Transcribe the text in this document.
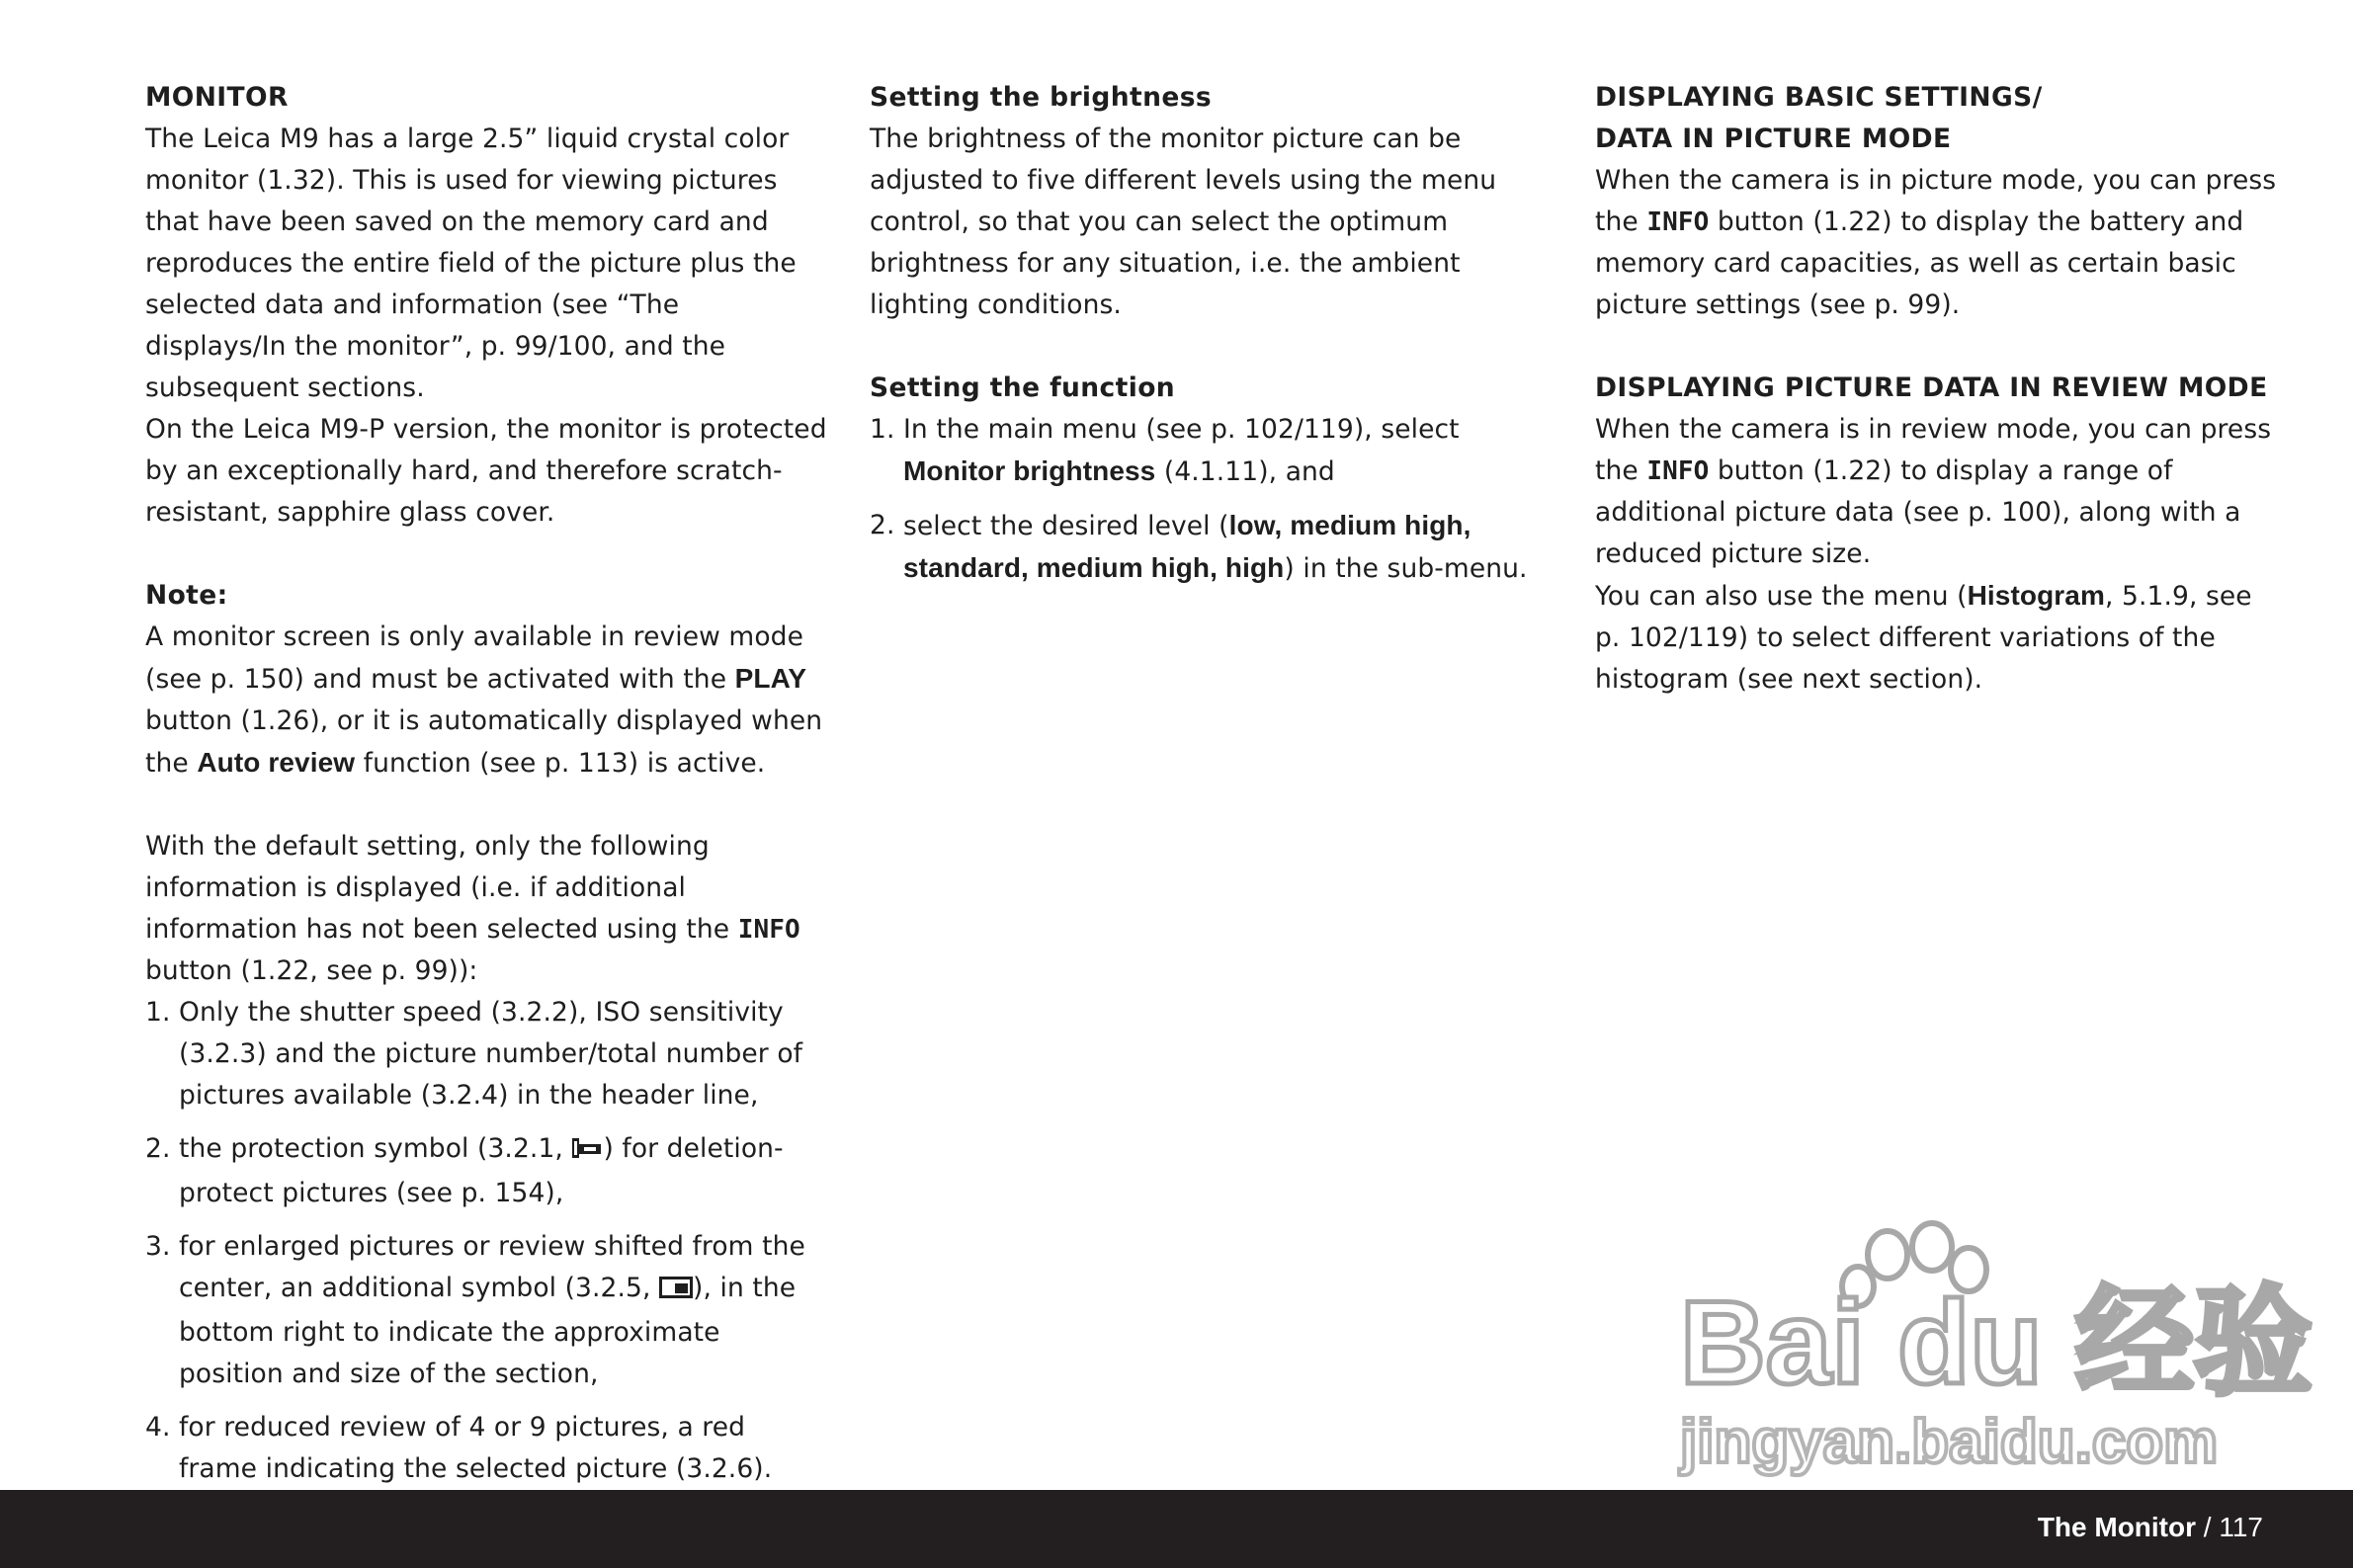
MONITOR

The Leica M9 has a large 2.5” liquid crystal color monitor (1.32). This is used for viewing pictures that have been saved on the memory card and reproduces the entire field of the picture plus the selected data and information (see “The displays/In the monitor”, p. 99/100, and the subsequent sections.

On the Leica M9-P version, the monitor is protected by an exceptionally hard, and therefore scratch-resistant, sapphire glass cover.

Note:

A monitor screen is only available in review mode (see p. 150) and must be activated with the PLAY button (1.26), or it is automatically displayed when the Auto review function (see p. 113) is active.

With the default setting, only the following information is displayed (i.e. if additional information has not been selected using the INFO button (1.22, see p. 99)):

1. Only the shutter speed (3.2.2), ISO sensitivity (3.2.3) and the picture number/total number of pictures available (3.2.4) in the header line,
2. the protection symbol (3.2.1, ) for deletion-protect pictures (see p. 154),
3. for enlarged pictures or review shifted from the center, an additional symbol (3.2.5, ), in the bottom right to indicate the approximate position and size of the section,
4. for reduced review of 4 or 9 pictures, a red frame indicating the selected picture (3.2.6).

Setting the brightness

The brightness of the monitor picture can be adjusted to five different levels using the menu control, so that you can select the optimum brightness for any situation, i.e. the ambient lighting conditions.

Setting the function

1. In the main menu (see p. 102/119), select Monitor brightness (4.1.11), and
2. select the desired level (low, medium high, standard, medium high, high) in the sub-menu.

DISPLAYING BASIC SETTINGS/

DATA IN PICTURE MODE

When the camera is in picture mode, you can press the INFO button (1.22) to display the battery and memory card capacities, as well as certain basic picture settings (see p. 99).

DISPLAYING PICTURE DATA IN REVIEW MODE

When the camera is in review mode, you can press the INFO button (1.22) to display a range of additional picture data (see p. 100), along with a reduced picture size.

You can also use the menu (Histogram, 5.1.9, see p. 102/119) to select different variations of the histogram (see next section).

Bai du 经验
jingyan.baidu.com
The Monitor / 117
